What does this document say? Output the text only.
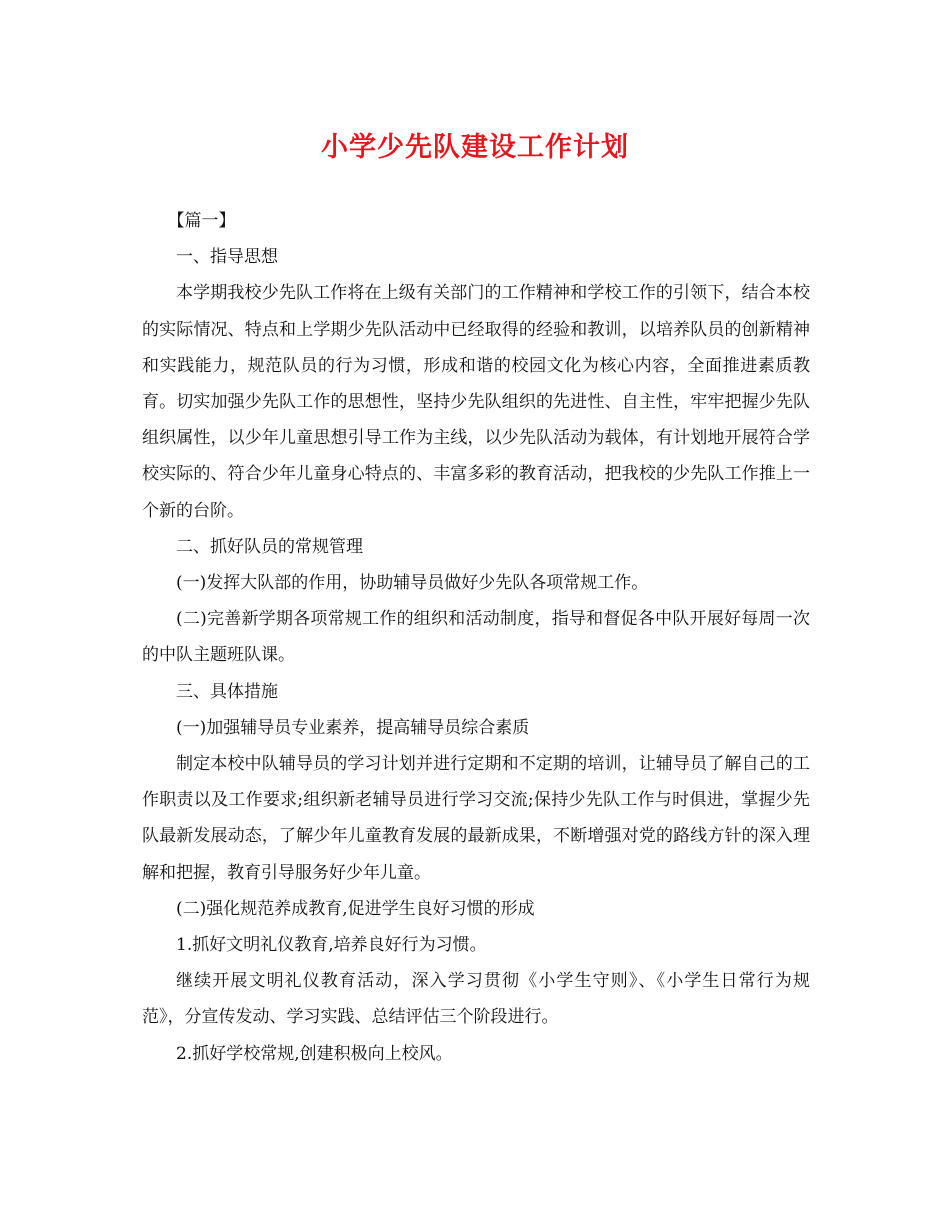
小学少先队建设工作计划

【篇一】

一、指导思想

本学期我校少先队工作将在上级有关部门的工作精神和学校工作的引领下，结合本校的实际情况、特点和上学期少先队活动中已经取得的经验和教训，以培养队员的创新精神和实践能力，规范队员的行为习惯，形成和谐的校园文化为核心内容，全面推进素质教育。切实加强少先队工作的思想性，坚持少先队组织的先进性、自主性，牢牢把握少先队组织属性，以少年儿童思想引导工作为主线，以少先队活动为载体，有计划地开展符合学校实际的、符合少年儿童身心特点的、丰富多彩的教育活动，把我校的少先队工作推上一个新的台阶。

二、抓好队员的常规管理

(一)发挥大队部的作用，协助辅导员做好少先队各项常规工作。

(二)完善新学期各项常规工作的组织和活动制度，指导和督促各中队开展好每周一次的中队主题班队课。

三、具体措施

(一)加强辅导员专业素养，提高辅导员综合素质

制定本校中队辅导员的学习计划并进行定期和不定期的培训，让辅导员了解自己的工作职责以及工作要求;组织新老辅导员进行学习交流;保持少先队工作与时俱进，掌握少先队最新发展动态，了解少年儿童教育发展的最新成果，不断增强对党的路线方针的深入理解和把握，教育引导服务好少年儿童。

(二)强化规范养成教育,促进学生良好习惯的形成

1.抓好文明礼仪教育,培养良好行为习惯。

继续开展文明礼仪教育活动，深入学习贯彻《小学生守则》、《小学生日常行为规范》，分宣传发动、学习实践、总结评估三个阶段进行。

2.抓好学校常规,创建积极向上校风。
